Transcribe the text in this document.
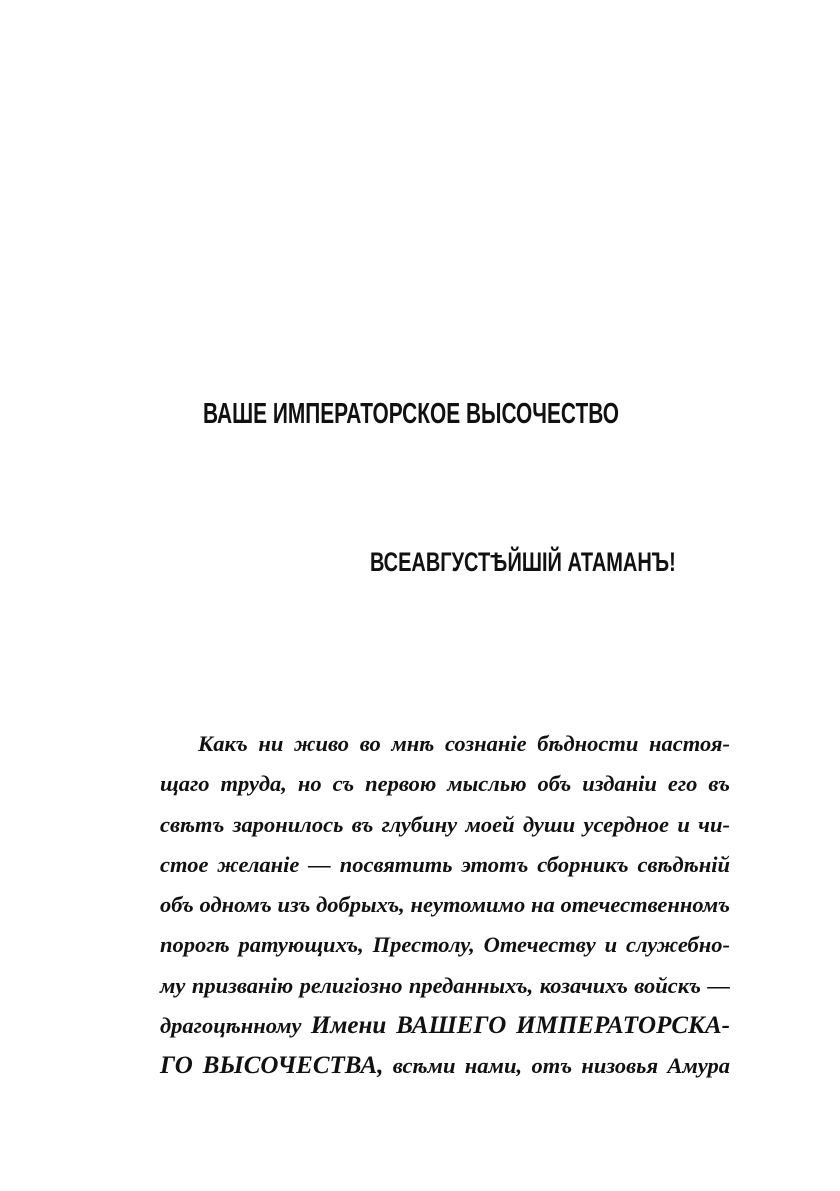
ВАШЕ ИМПЕРАТОРСКОЕ ВЫСОЧЕСТВО
ВСЕАВГУСТѢЙШІЙ АТАМАНЪ!
Какъ ни живо во мнѣ сознаніе бѣдности настоя-
щаго труда, но съ первою мыслью объ изданіи его въ
свѣтъ заронилось въ глубину моей души усердное и чи-
стое желаніе — посвятить этотъ сборникъ свѣдѣній
объ одномъ изъ добрыхъ, неутомимо на отечественномъ
порогѣ ратующихъ, Престолу, Отечеству и служебно-
му призванію религіозно преданныхъ, козачихъ войскъ —
драгоцѣнному Имени ВАШЕГО ИМПЕРАТОРСКА-
ГО ВЫСОЧЕСТВА, всѣми нами, отъ низовья Амура
